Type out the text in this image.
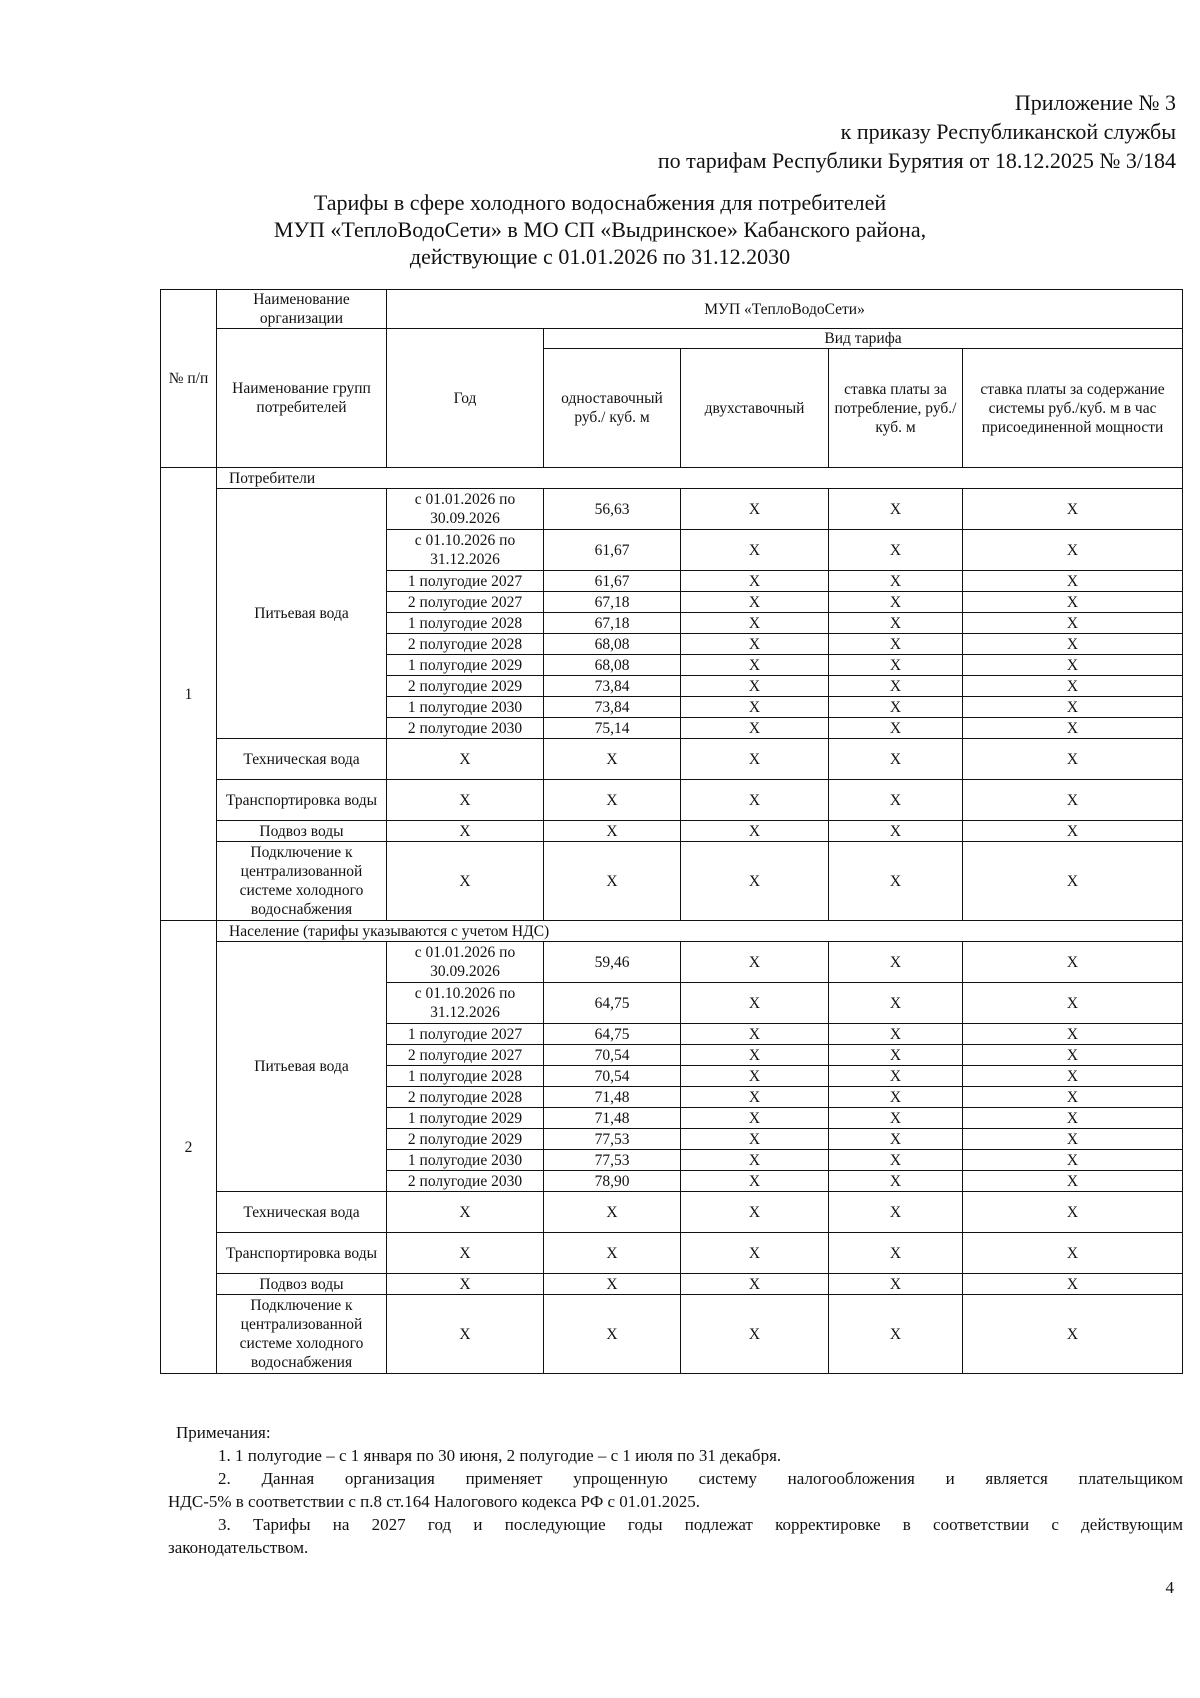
Приложение № 3
к приказу Республиканской службы
по тарифам Республики Бурятия от 18.12.2025 № 3/184
Тарифы в сфере холодного водоснабжения для потребителей
МУП «ТеплоВодоСети» в МО СП «Выдринское» Кабанского района,
действующие с 01.01.2026 по 31.12.2030
№ п/п	Наименование организации	МУП «ТеплоВодоСети»				
	Наименование групп потребителей	Год	Вид тарифа			
			одноставочный руб./ куб. м	двухставочный	ставка платы за потребление, руб./ куб. м	ставка платы за содержание системы руб./куб. м в час присоединенной мощности
1	Потребители					
	Питьевая вода	с 01.01.2026 по 30.09.2026	56,63	X	X	X
		с 01.10.2026 по 31.12.2026	61,67	X	X	X
		1 полугодие 2027	61,67	X	X	X
		2 полугодие 2027	67,18	X	X	X
		1 полугодие 2028	67,18	X	X	X
		2 полугодие 2028	68,08	X	X	X
		1 полугодие 2029	68,08	X	X	X
		2 полугодие 2029	73,84	X	X	X
		1 полугодие 2030	73,84	X	X	X
		2 полугодие 2030	75,14	X	X	X
	Техническая вода	X	X	X	X	X
	Транспортировка воды	X	X	X	X	X
	Подвоз воды	X	X	X	X	X
	Подключение к централизованной системе холодного водоснабжения	X	X	X	X	X
2	Население (тарифы указываются с учетом НДС)					
	Питьевая вода	с 01.01.2026 по 30.09.2026	59,46	X	X	X
		с 01.10.2026 по 31.12.2026	64,75	X	X	X
		1 полугодие 2027	64,75	X	X	X
		2 полугодие 2027	70,54	X	X	X
		1 полугодие 2028	70,54	X	X	X
		2 полугодие 2028	71,48	X	X	X
		1 полугодие 2029	71,48	X	X	X
		2 полугодие 2029	77,53	X	X	X
		1 полугодие 2030	77,53	X	X	X
		2 полугодие 2030	78,90	X	X	X
	Техническая вода	X	X	X	X	X
	Транспортировка воды	X	X	X	X	X
	Подвоз воды	X	X	X	X	X
	Подключение к централизованной системе холодного водоснабжения	X	X	X	X	X

Примечания:

1. 1 полугодие – с 1 января по 30 июня, 2 полугодие – с 1 июля по 31 декабря.

2. Данная организация применяет упрощенную систему налогообложения и является плательщиком

НДС-5% в соответствии с п.8 ст.164 Налогового кодекса РФ с 01.01.2025.

3. Тарифы на 2027 год и последующие годы подлежат корректировке в соответствии с действующим

законодательством.

4
